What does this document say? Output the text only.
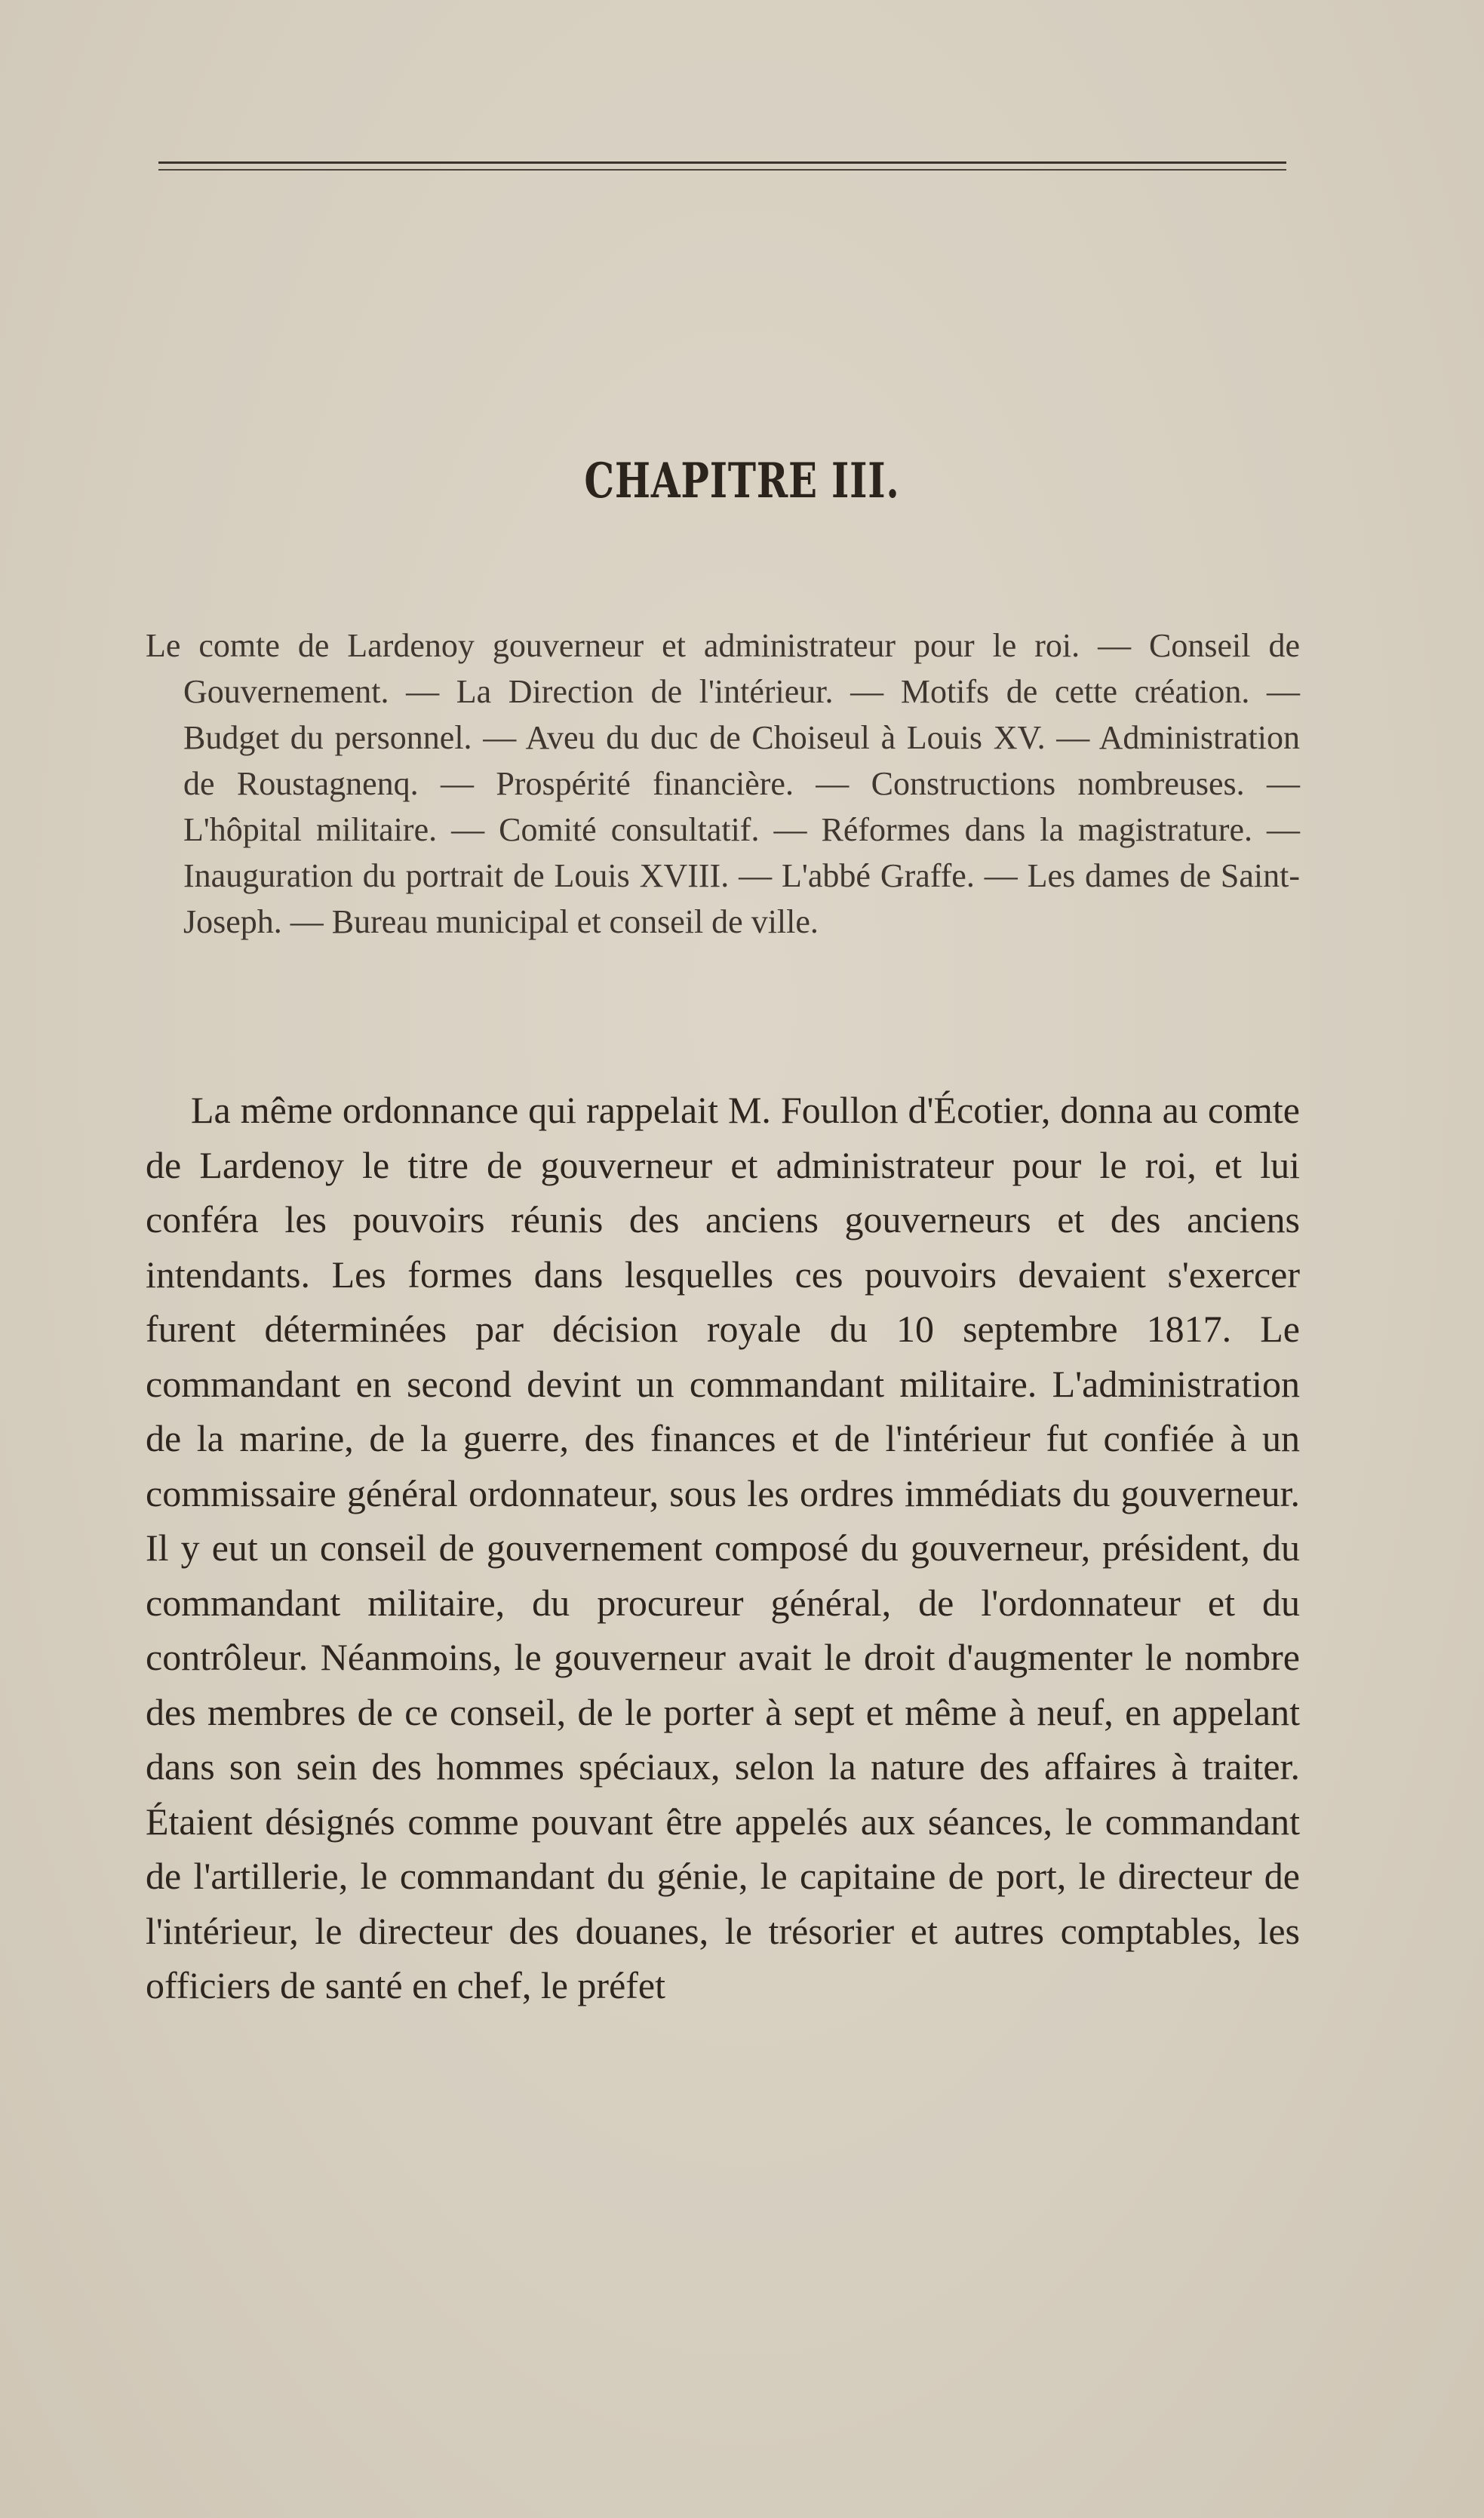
CHAPITRE III.
Le comte de Lardenoy gouverneur et administrateur pour le roi. — Conseil de Gouvernement. — La Direction de l'intérieur. — Motifs de cette création. — Budget du personnel. — Aveu du duc de Choiseul à Louis XV. — Administration de Roustagnenq. — Prospérité financière. — Constructions nombreuses. — L'hôpital militaire. — Comité consultatif. — Réformes dans la magistrature. — Inauguration du portrait de Louis XVIII. — L'abbé Graffe. — Les dames de Saint-Joseph. — Bureau municipal et conseil de ville.
La même ordonnance qui rappelait M. Foullon d'Écotier, donna au comte de Lardenoy le titre de gouverneur et administrateur pour le roi, et lui conféra les pouvoirs réunis des anciens gouverneurs et des anciens intendants. Les formes dans lesquelles ces pouvoirs devaient s'exercer furent déterminées par décision royale du 10 septembre 1817. Le commandant en second devint un commandant militaire. L'administration de la marine, de la guerre, des finances et de l'intérieur fut confiée à un commissaire général ordonnateur, sous les ordres immédiats du gouverneur. Il y eut un conseil de gouvernement composé du gouverneur, président, du commandant militaire, du procureur général, de l'ordonnateur et du contrôleur. Néanmoins, le gouverneur avait le droit d'augmenter le nombre des membres de ce conseil, de le porter à sept et même à neuf, en appelant dans son sein des hommes spéciaux, selon la nature des affaires à traiter. Étaient désignés comme pouvant être appelés aux séances, le commandant de l'artillerie, le commandant du génie, le capitaine de port, le directeur de l'intérieur, le directeur des douanes, le trésorier et autres comptables, les officiers de santé en chef, le préfet
